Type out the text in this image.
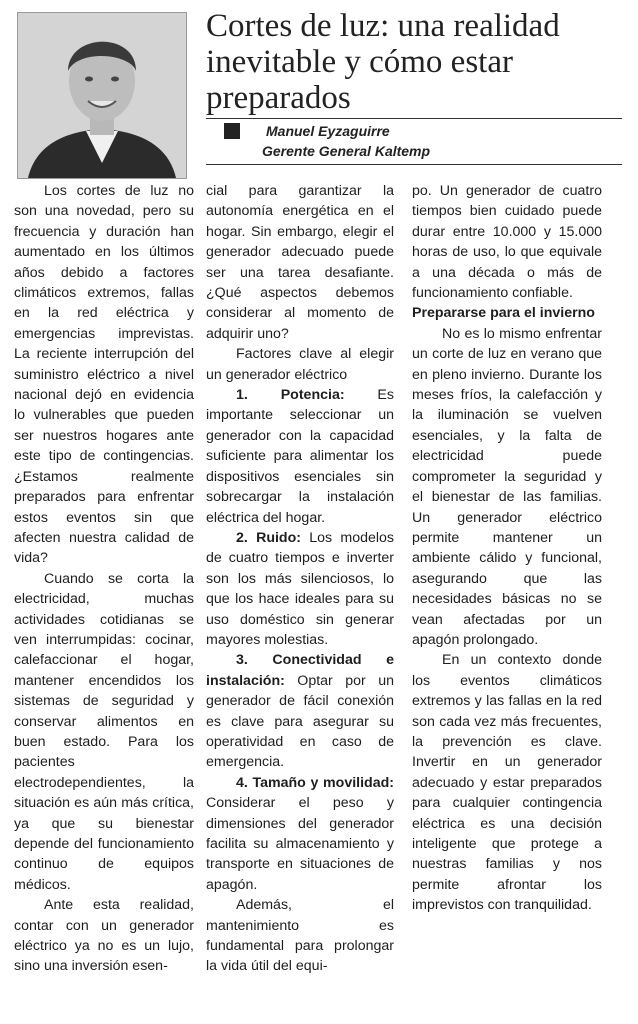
Cortes de luz: una realidad inevitable y cómo estar preparados
Manuel Eyzaguirre
Gerente General Kaltemp

Los cortes de luz no son una novedad, pero su frecuencia y duración han aumentado en los últimos años debido a factores climáticos extremos, fallas en la red eléctrica y emergencias imprevistas. La reciente interrupción del suministro eléctrico a nivel nacional dejó en evidencia lo vulnerables que pueden ser nuestros hogares ante este tipo de contingencias. ¿Estamos realmente preparados para enfrentar estos eventos sin que afecten nuestra calidad de vida?

Cuando se corta la electricidad, muchas actividades cotidianas se ven interrumpidas: cocinar, calefaccionar el hogar, mantener encendidos los sistemas de seguridad y conservar alimentos en buen estado. Para los pacientes electrodependientes, la situación es aún más crítica, ya que su bienestar depende del funcionamiento continuo de equipos médicos.

Ante esta realidad, contar con un generador eléctrico ya no es un lujo, sino una inversión esen-

cial para garantizar la autonomía energética en el hogar. Sin embargo, elegir el generador adecuado puede ser una tarea desafiante. ¿Qué aspectos debemos considerar al momento de adquirir uno?

Factores clave al elegir un generador eléctrico

1. Potencia: Es importante seleccionar un generador con la capacidad suficiente para alimentar los dispositivos esenciales sin sobrecargar la instalación eléctrica del hogar.

2. Ruido: Los modelos de cuatro tiempos e inverter son los más silenciosos, lo que los hace ideales para su uso doméstico sin generar mayores molestias.

3. Conectividad e instalación: Optar por un generador de fácil conexión es clave para asegurar su operatividad en caso de emergencia.

4. Tamaño y movilidad: Considerar el peso y dimensiones del generador facilita su almacenamiento y transporte en situaciones de apagón.

Además, el mantenimiento es fundamental para prolongar la vida útil del equi-

po. Un generador de cuatro tiempos bien cuidado puede durar entre 10.000 y 15.000 horas de uso, lo que equivale a una década o más de funcionamiento confiable.

Prepararse para el invierno

No es lo mismo enfrentar un corte de luz en verano que en pleno invierno. Durante los meses fríos, la calefacción y la iluminación se vuelven esenciales, y la falta de electricidad puede comprometer la seguridad y el bienestar de las familias. Un generador eléctrico permite mantener un ambiente cálido y funcional, asegurando que las necesidades básicas no se vean afectadas por un apagón prolongado.

En un contexto donde los eventos climáticos extremos y las fallas en la red son cada vez más frecuentes, la prevención es clave. Invertir en un generador adecuado y estar preparados para cualquier contingencia eléctrica es una decisión inteligente que protege a nuestras familias y nos permite afrontar los imprevistos con tranquilidad.
